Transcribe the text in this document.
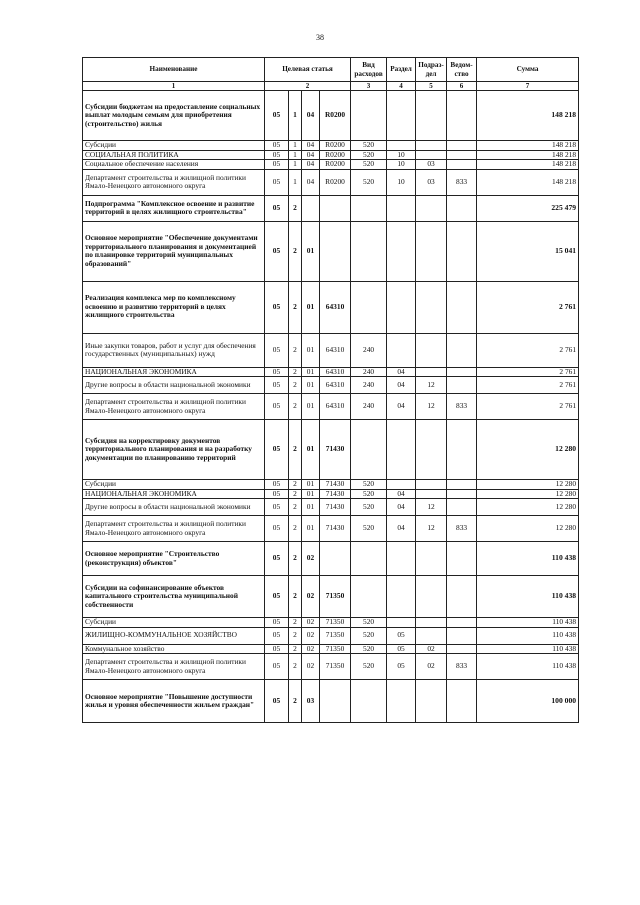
38
Наименование	Целевая статья				Вид расходов	Раздел	Подраз-дел	Ведом-ство	Сумма
1	2				3	4	5	6	7
Субсидии бюджетам на предоставление социальных выплат молодым семьям для приобретения (строительство) жилья	05	1	04	R0200					148 218
Субсидии	05	1	04	R0200	520				148 218
СОЦИАЛЬНАЯ ПОЛИТИКА	05	1	04	R0200	520	10			148 218
Социальное обеспечение населения	05	1	04	R0200	520	10	03		148 218
Департамент строительства и жилищной политики Ямало-Ненецкого автономного округа	05	1	04	R0200	520	10	03	833	148 218
Подпрограмма "Комплексное освоение и развитие территорий в целях жилищного строительства"	05	2							225 479
Основное мероприятие "Обеспечение документами территориального планирования и документацией по планировке территорий муниципальных образований"	05	2	01						15 041
Реализация комплекса мер по комплексному освоению и развитию территорий в целях жилищного строительства	05	2	01	64310					2 761
Иные закупки товаров, работ и услуг для обеспечения государственных (муниципальных) нужд	05	2	01	64310	240				2 761
НАЦИОНАЛЬНАЯ ЭКОНОМИКА	05	2	01	64310	240	04			2 761
Другие вопросы в области национальной экономики	05	2	01	64310	240	04	12		2 761
Департамент строительства и жилищной политики Ямало-Ненецкого автономного округа	05	2	01	64310	240	04	12	833	2 761
Субсидия на корректировку документов территориального планирования и на разработку документации по планированию территорий	05	2	01	71430					12 280
Субсидии	05	2	01	71430	520				12 280
НАЦИОНАЛЬНАЯ ЭКОНОМИКА	05	2	01	71430	520	04			12 280
Другие вопросы в области национальной экономики	05	2	01	71430	520	04	12		12 280
Департамент строительства и жилищной политики Ямало-Ненецкого автономного округа	05	2	01	71430	520	04	12	833	12 280
Основное мероприятие "Строительство (реконструкция) объектов"	05	2	02						110 438
Субсидии на софинансирование объектов капитального строительства муниципальной собственности	05	2	02	71350					110 438
Субсидии	05	2	02	71350	520				110 438
ЖИЛИЩНО-КОММУНАЛЬНОЕ ХОЗЯЙСТВО	05	2	02	71350	520	05			110 438
Коммунальное хозяйство	05	2	02	71350	520	05	02		110 438
Департамент строительства и жилищной политики Ямало-Ненецкого автономного округа	05	2	02	71350	520	05	02	833	110 438
Основное мероприятие "Повышение доступности жилья и уровня обеспеченности жильем граждан"	05	2	03						100 000
